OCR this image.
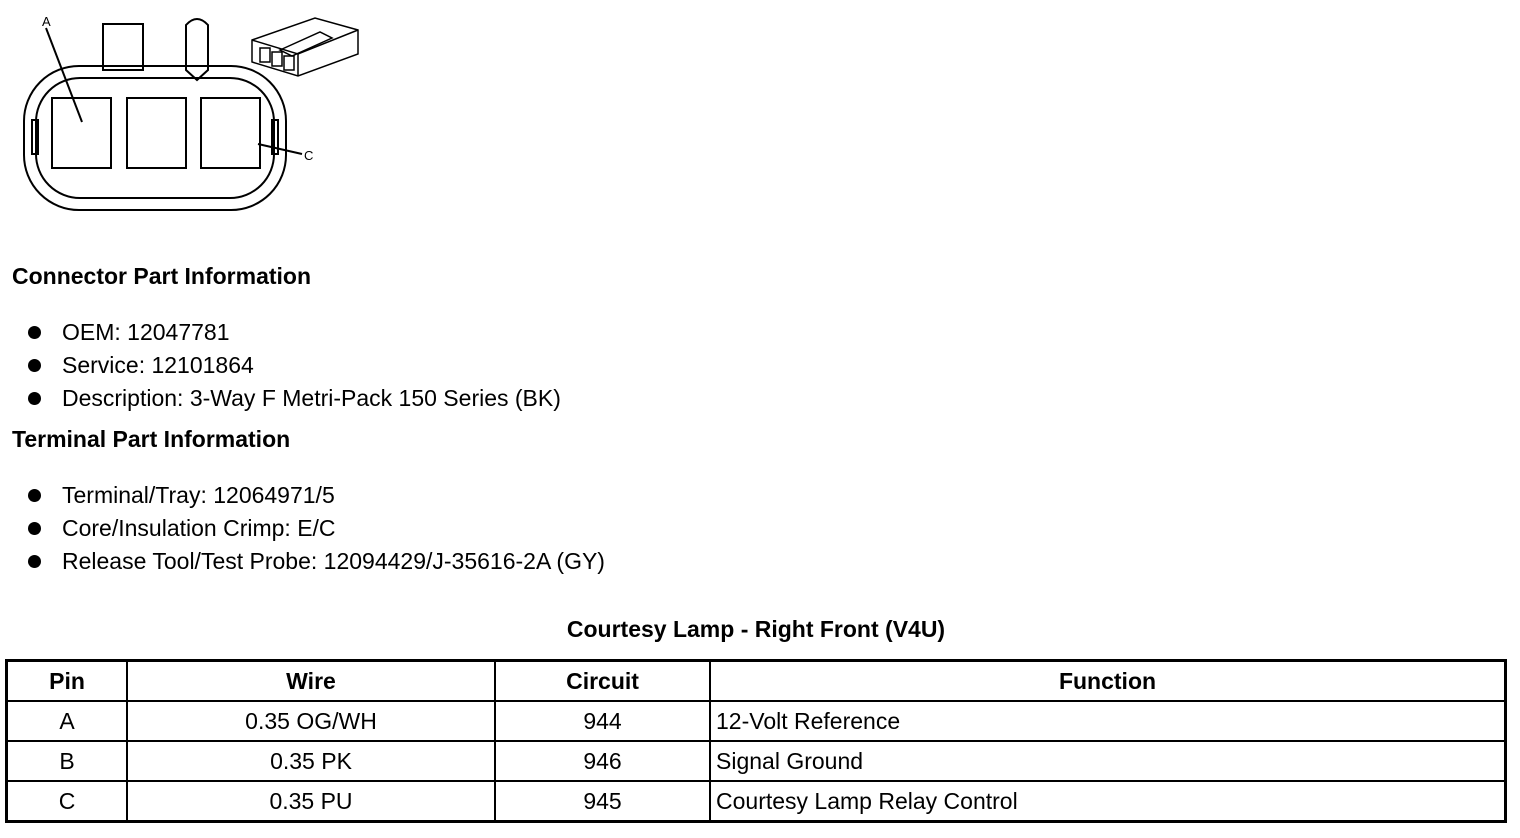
A
C
Connector Part Information
OEM: 12047781
Service: 12101864
Description: 3-Way F Metri-Pack 150 Series (BK)
Terminal Part Information
Terminal/Tray: 12064971/5
Core/Insulation Crimp: E/C
Release Tool/Test Probe: 12094429/J-35616-2A (GY)
Courtesy Lamp - Right Front (V4U)
Pin	Wire	Circuit	Function
A	0.35 OG/WH	944	12-Volt Reference
B	0.35 PK	946	Signal Ground
C	0.35 PU	945	Courtesy Lamp Relay Control
